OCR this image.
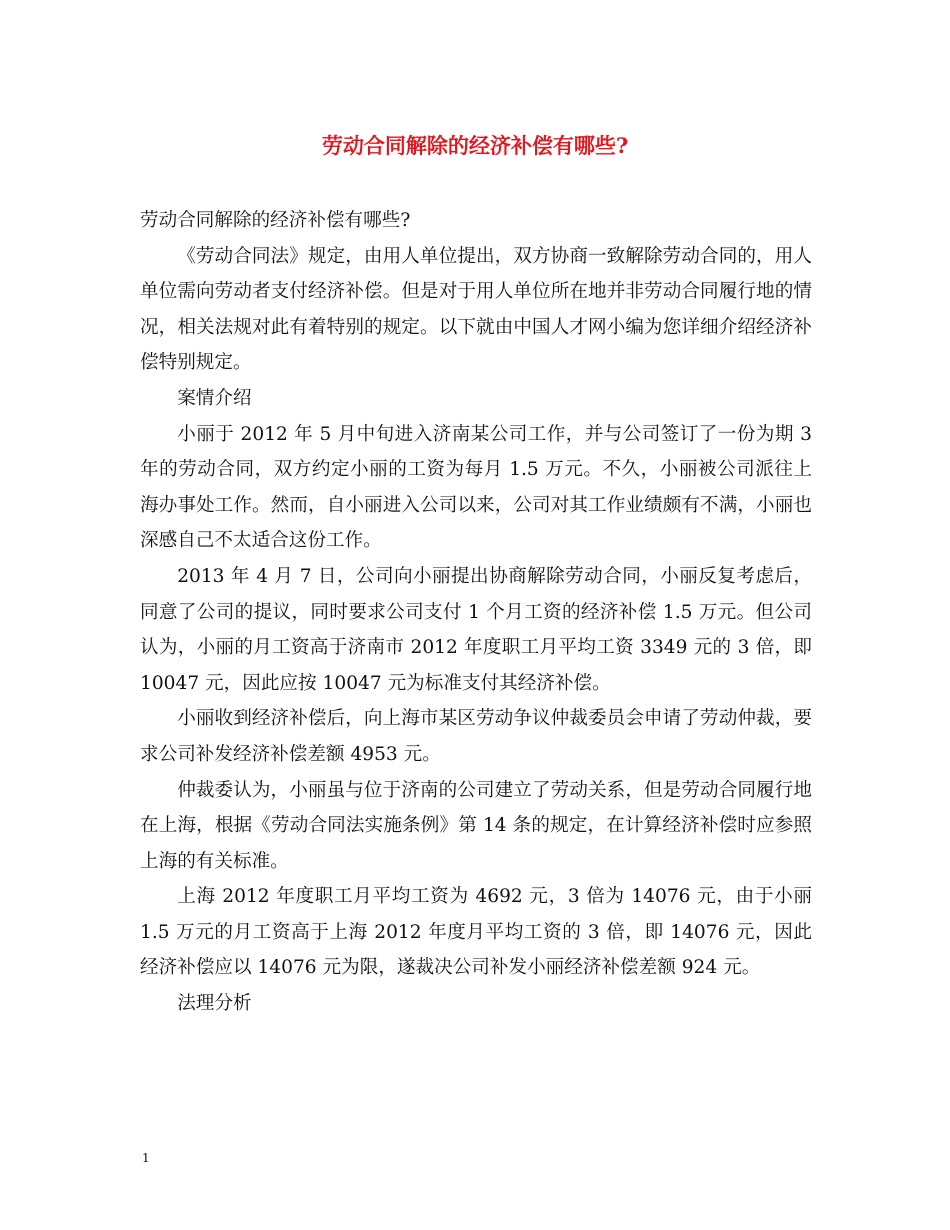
劳动合同解除的经济补偿有哪些?

劳动合同解除的经济补偿有哪些?

《劳动合同法》规定，由用人单位提出，双方协商一致解除劳动合同的，用人单位需向劳动者支付经济补偿。但是对于用人单位所在地并非劳动合同履行地的情况，相关法规对此有着特别的规定。以下就由中国人才网小编为您详细介绍经济补偿特别规定。

案情介绍

小丽于 2012 年 5 月中旬进入济南某公司工作，并与公司签订了一份为期 3 年的劳动合同，双方约定小丽的工资为每月 1.5 万元。不久，小丽被公司派往上海办事处工作。然而，自小丽进入公司以来，公司对其工作业绩颇有不满，小丽也深感自己不太适合这份工作。

2013 年 4 月 7 日，公司向小丽提出协商解除劳动合同，小丽反复考虑后，同意了公司的提议，同时要求公司支付 1 个月工资的经济补偿 1.5 万元。但公司认为，小丽的月工资高于济南市 2012 年度职工月平均工资 3349 元的 3 倍，即 10047 元，因此应按 10047 元为标准支付其经济补偿。

小丽收到经济补偿后，向上海市某区劳动争议仲裁委员会申请了劳动仲裁，要求公司补发经济补偿差额 4953 元。

仲裁委认为，小丽虽与位于济南的公司建立了劳动关系，但是劳动合同履行地在上海，根据《劳动合同法实施条例》第 14 条的规定，在计算经济补偿时应参照上海的有关标准。

上海 2012 年度职工月平均工资为 4692 元，3 倍为 14076 元，由于小丽 1.5 万元的月工资高于上海 2012 年度月平均工资的 3 倍，即 14076 元，因此经济补偿应以 14076 元为限，遂裁决公司补发小丽经济补偿差额 924 元。

法理分析

1
